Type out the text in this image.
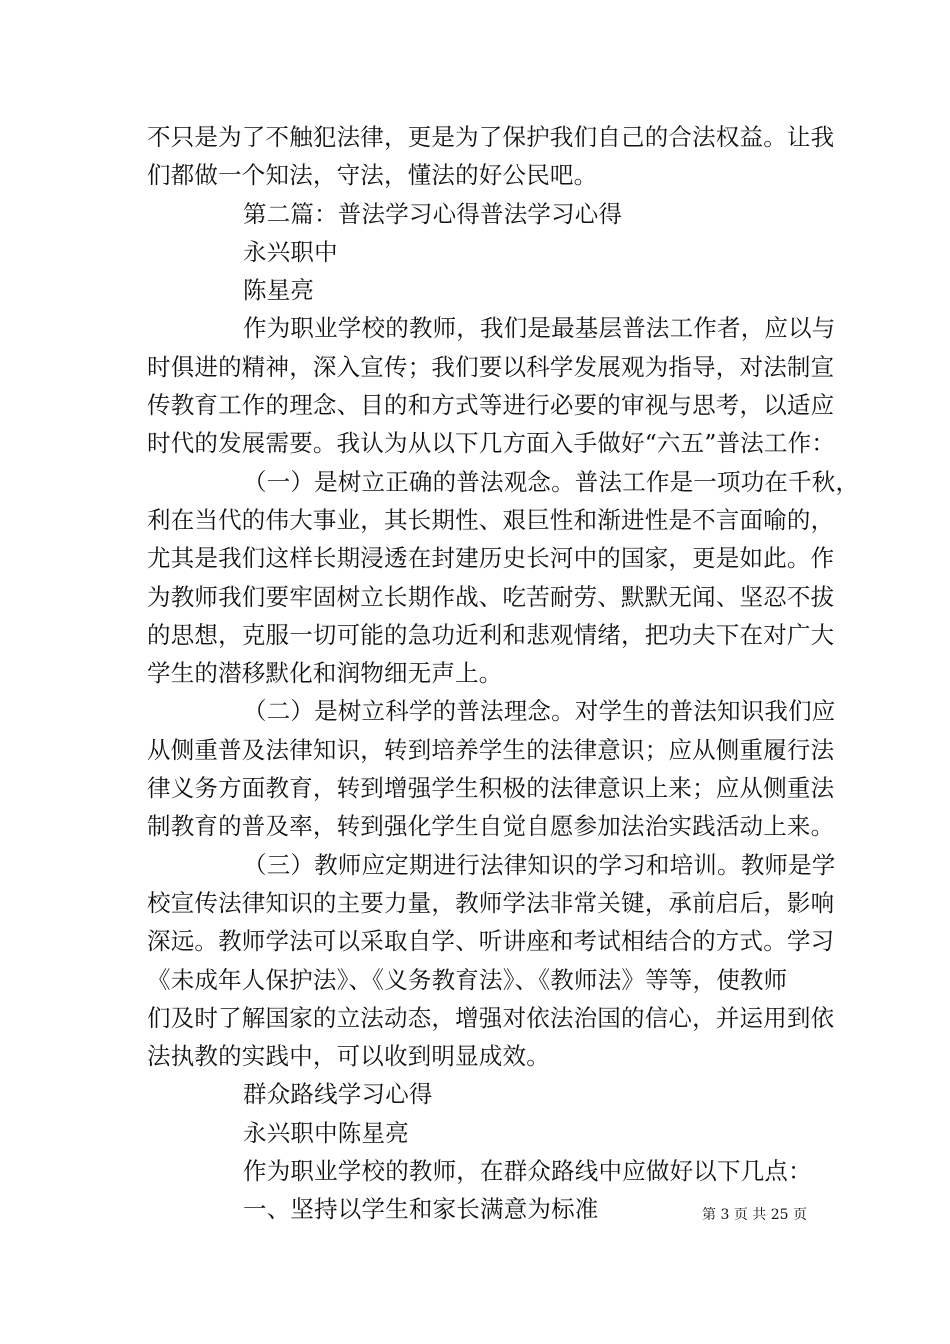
不只是为了不触犯法律，更是为了保护我们自己的合法权益。让我
们都做一个知法，守法，懂法的好公民吧。
第二篇：普法学习心得普法学习心得
永兴职中
陈星亮
作为职业学校的教师，我们是最基层普法工作者，应以与
时俱进的精神，深入宣传；我们要以科学发展观为指导，对法制宣
传教育工作的理念、目的和方式等进行必要的审视与思考，以适应
时代的发展需要。我认为从以下几方面入手做好“六五”普法工作：
（一）是树立正确的普法观念。普法工作是一项功在千秋，
利在当代的伟大事业，其长期性、艰巨性和渐进性是不言面喻的，
尤其是我们这样长期浸透在封建历史长河中的国家，更是如此。作
为教师我们要牢固树立长期作战、吃苦耐劳、默默无闻、坚忍不拔
的思想，克服一切可能的急功近利和悲观情绪，把功夫下在对广大
学生的潜移默化和润物细无声上。
（二）是树立科学的普法理念。对学生的普法知识我们应
从侧重普及法律知识，转到培养学生的法律意识；应从侧重履行法
律义务方面教育，转到增强学生积极的法律意识上来；应从侧重法
制教育的普及率，转到强化学生自觉自愿参加法治实践活动上来。
（三）教师应定期进行法律知识的学习和培训。教师是学
校宣传法律知识的主要力量，教师学法非常关键，承前启后，影响
深远。教师学法可以采取自学、听讲座和考试相结合的方式。学习
《未成年人保护法》、《义务教育法》、《教师法》等等，使教师
们及时了解国家的立法动态，增强对依法治国的信心，并运用到依
法执教的实践中，可以收到明显成效。
群众路线学习心得
永兴职中陈星亮
作为职业学校的教师，在群众路线中应做好以下几点：
一、坚持以学生和家长满意为标准	第 3 页 共 25 页
